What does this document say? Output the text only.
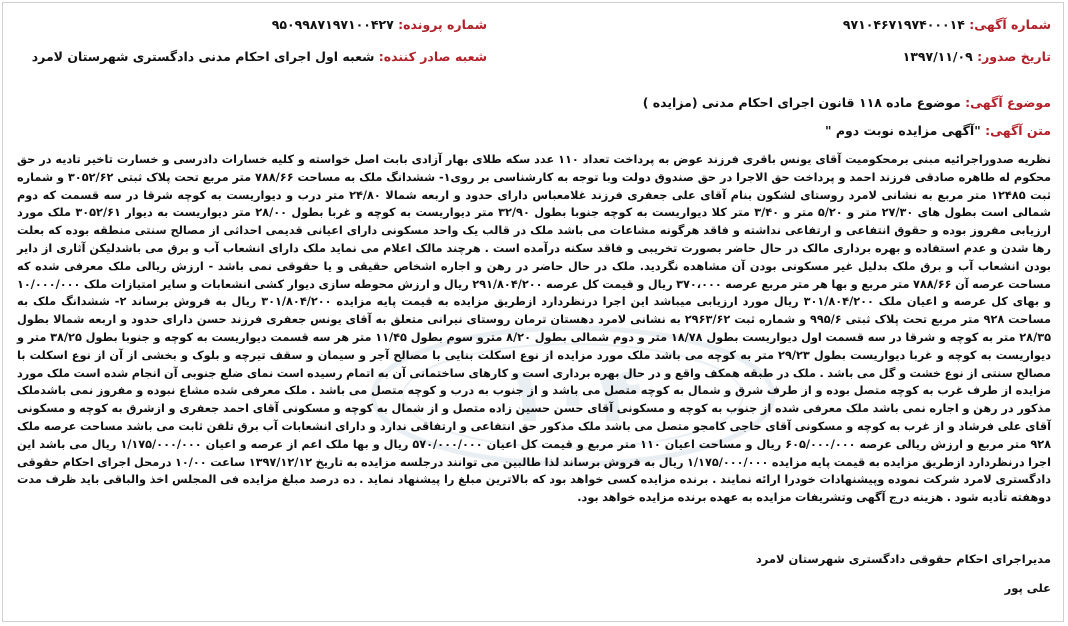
۱۰۴
شماره آگهی: ۹۷۱۰۴۶۷۱۹۷۴۰۰۰۱۴
شماره پرونده: ۹۵۰۹۹۸۷۱۹۷۱۰۰۴۲۷
تاریخ صدور: ۱۳۹۷/۱۱/۰۹
شعبه صادر کننده: شعبه اول اجرای احکام مدنی دادگستری شهرستان لامرد
موضوع آگهی: موضوع ماده ۱۱۸ قانون اجرای احکام مدنی (مزایده )
متن آگهی: "آگهی مزایده نوبت دوم "
نظریه صدوراجرائیه مبنی برمحکومیت آقای یونس باقری فرزند عوض به پرداخت تعداد ۱۱۰ عدد سکه طلای بهار آزادی بابت اصل خواسته و کلیه خسارات دادرسی و خسارت تاخیر تادیه در حق محکوم له طاهره صادقی فرزند احمد و پرداخت حق الاجرا در حق صندوق دولت وبا توجه به کارشناسی بر روی۱- ششدانگ ملک به مساحت ۷۸۸/۶۶ متر مربع تحت پلاک ثبتی ۳۰۵۲/۶۲ و شماره ثبت ۱۲۴۸۵ متر مربع به نشانی لامرد روستای لشکون بنام آقای علی جعفری فرزند غلامعباس دارای حدود و اربعه شمالا ۲۴/۸۰ متر درب و دیواریست به کوچه شرقا در سه قسمت که دوم شمالی است بطول های ۲۷/۳۰ متر و ۵/۲۰ متر و ۳/۴۰ متر کلا دیواریست به کوچه جنوبا بطول ۳۲/۹۰ متر دیواریست به کوچه و غربا بطول ۲۸/۰۰ متر دیواریست به دیوار ۳۰۵۲/۶۱ ملک مورد ارزیابی مفروز بوده و حقوق انتفاعی و ارتفاعی نداشته و فاقد هرگونه مشاعات می باشد ملک در قالب یک واحد مسکونی دارای اعیانی قدیمی احداثی از مصالح سنتی منطقه بوده که بعلت رها شدن و عدم استفاده و بهره برداری مالک در حال حاضر بصورت تخریبی و فاقد سکنه درآمده است . هرچند مالک اعلام می نماید ملک دارای انشعاب آب و برق می باشدلیکن آثاری از دایر بودن انشعاب آب و برق ملک بدلیل غیر مسکونی بودن آن مشاهده نگردید. ملک در حال حاضر در رهن و اجاره اشخاص حقیقی و یا حقوقی نمی باشد - ارزش ریالی ملک معرفی شده که مساحت عرصه آن ۷۸۸/۶۶ متر مربع و بها هر متر مربع عرصه ۳۷۰،۰۰۰ ریال و قیمت کل عرصه ۲۹۱/۸۰۴/۲۰۰ ریال و ارزش محوطه سازی دیوار کشی انشعابات و سایر امتیازات ملک ۱۰/۰۰۰/۰۰۰ و بهای کل عرصه و اعیان ملک ۳۰۱/۸۰۴/۲۰۰ ریال مورد ارزیابی میباشد این اجرا درنظردارد ازطریق مزایده به قیمت پایه مزایده ۳۰۱/۸۰۴/۲۰۰ ریال به فروش برساند ۲- ششدانگ ملک به مساحت ۹۲۸ متر مربع تحت پلاک ثبتی ۹۹۵/۶ و شماره ثبت ۲۹۶۳/۶۲ به نشانی لامرد دهستان ترمان روستای نیرانی متعلق به آقای یونس جعفری فرزند حسن دارای حدود و اربعه شمالا بطول ۲۸/۳۵ متر به کوچه و شرقا در سه قسمت اول دیواریست بطول ۱۸/۷۸ متر و دوم شمالی بطول ۸/۲۰ مترو سوم بطول ۱۱/۴۵ متر هر سه قسمت دیواریست به کوچه و جنوبا بطول ۳۸/۲۵ متر و دیواریست به کوچه و غربا دیواریست بطول ۲۹/۲۳ متر به کوچه می باشد ملک مورد مزایده از نوع اسکلت بنایی با مصالح آجر و سیمان و سقف تیرچه و بلوک و بخشی از آن از نوع اسکلت با مصالح سنتی از نوع خشت و گل می باشد . ملک در طبقه همکف واقع و در حال بهره برداری است و کارهای ساختمانی آن به اتمام رسیده است نمای ضلع جنوبی آن انجام شده است ملک مورد مزایده از طرف غرب به کوچه متصل بوده و از طرف شرق و شمال به کوچه متصل می باشد و از جنوب به درب و کوچه متصل می باشد . ملک معرفی شده مشاع نبوده و مفروز نمی باشدملک مذکور در رهن و اجاره نمی باشد ملک معرفی شده از جنوب به کوچه و مسکونی آقای حسن حسین زاده متصل و از شمال به کوچه و مسکونی آقای احمد جعفری و ازشرق به کوچه و مسکونی آقای علی فرشاد و از غرب به کوچه و مسکونی آقای حاجی کامجو متصل می باشد ملک مذکور حق انتفاعی و ارتفاقی ندارد و دارای انشعابات آب برق تلفن ثابت می باشد مساحت عرصه ملک ۹۲۸ متر مربع و ارزش ریالی عرصه ۶۰۵/۰۰۰/۰۰۰ ریال و مساحت اعیان ۱۱۰ متر مربع و قیمت کل اعیان ۵۷۰/۰۰۰/۰۰۰ ریال و بها ملک اعم از عرصه و اعیان ۱/۱۷۵/۰۰۰/۰۰۰ ریال می باشد این اجرا درنظردارد ازطریق مزایده به قیمت پایه مزایده ۱/۱۷۵/۰۰۰/۰۰۰ ریال به فروش برساند لذا طالبین می توانند درجلسه مزایده به تاریخ ۱۳۹۷/۱۲/۱۲ ساعت ۱۰/۰۰ درمحل اجرای احکام حقوقی دادگستری لامرد شرکت نموده وپیشنهادات خودرا ارائه نمایند . برنده مزایده کسی خواهد بود که بالاترین مبلغ را پیشنهاد نماید . ده درصد مبلغ مزایده فی المجلس اخذ والباقی باید ظرف مدت دوهفته تأدیه شود . هزینه درج آگهی وتشریفات مزایده به عهده برنده مزایده خواهد بود.
مدیراجرای احکام حقوقی دادگستری شهرستان لامرد
علی پور
